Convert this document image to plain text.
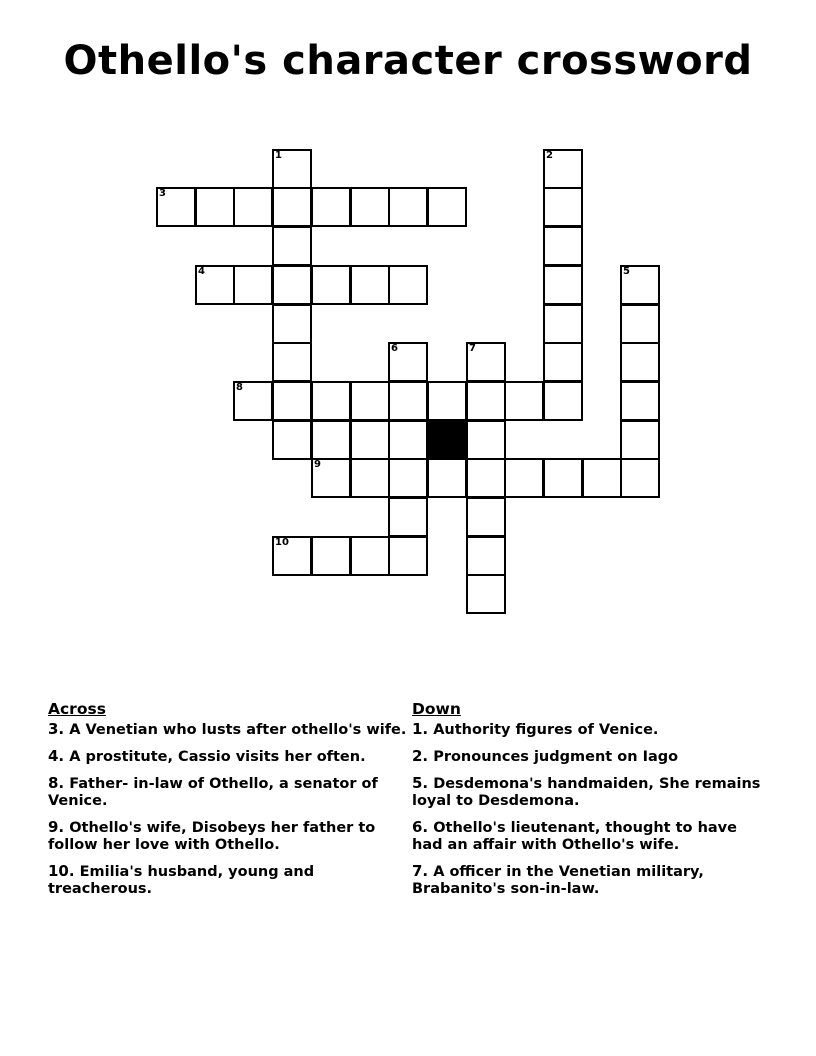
Othello's character crossword
1	2
3
4	5
6	7
8
9
10
Across
3. A Venetian who lusts after othello's wife.
4. A prostitute, Cassio visits her often.
8. Father- in-law of Othello, a senator of Venice.
9. Othello's wife, Disobeys her father to follow her love with Othello.
10. Emilia's husband, young and treacherous.
Down
1. Authority figures of Venice.
2. Pronounces judgment on Iago
5. Desdemona's handmaiden, She remains loyal to Desdemona.
6. Othello's lieutenant, thought to have had an affair with Othello's wife.
7. A officer in the Venetian military, Brabanito's son-in-law.
